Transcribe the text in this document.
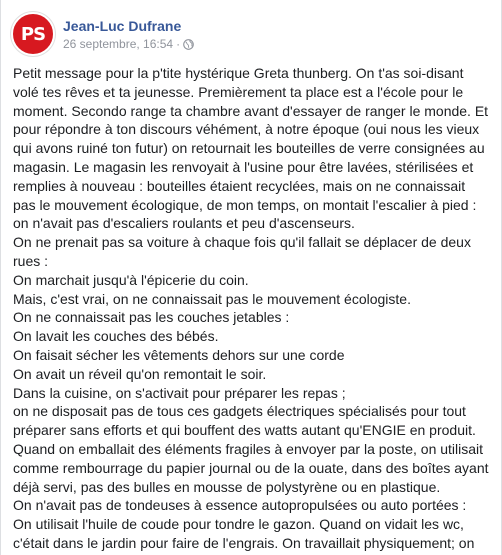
PS Jean-Luc Dufrane
26 septembre, 16:54 ·

Petit message pour la p'tite hystérique Greta thunberg. On t'as soi-disant volé tes rêves et ta jeunesse. Premièrement ta place est a l'école pour le moment. Secondo range ta chambre avant d'essayer de ranger le monde. Et pour répondre à ton discours véhément, à notre époque (oui nous les vieux qui avons ruiné ton futur) on retournait les bouteilles de verre consignées au magasin. Le magasin les renvoyait à l'usine pour être lavées, stérilisées et remplies à nouveau : bouteilles étaient recyclées, mais on ne connaissait pas le mouvement écologique, de mon temps, on montait l'escalier à pied : on n'avait pas d'escaliers roulants et peu d'ascenseurs.

On ne prenait pas sa voiture à chaque fois qu'il fallait se déplacer de deux rues :

On marchait jusqu'à l'épicerie du coin.

Mais, c'est vrai, on ne connaissait pas le mouvement écologiste.

On ne connaissait pas les couches jetables :

On lavait les couches des bébés.

On faisait sécher les vêtements dehors sur une corde

On avait un réveil qu'on remontait le soir.

Dans la cuisine, on s'activait pour préparer les repas ;

on ne disposait pas de tous ces gadgets électriques spécialisés pour tout préparer sans efforts et qui bouffent des watts autant qu'ENGIE en produit.

Quand on emballait des éléments fragiles à envoyer par la poste, on utilisait comme rembourrage du papier journal ou de la ouate, dans des boîtes ayant déjà servi, pas des bulles en mousse de polystyrène ou en plastique.

On n'avait pas de tondeuses à essence autopropulsées ou auto portées :

On utilisait l'huile de coude pour tondre le gazon. Quand on vidait les wc, c'était dans le jardin pour faire de l'engrais. On travaillait physiquement; on
